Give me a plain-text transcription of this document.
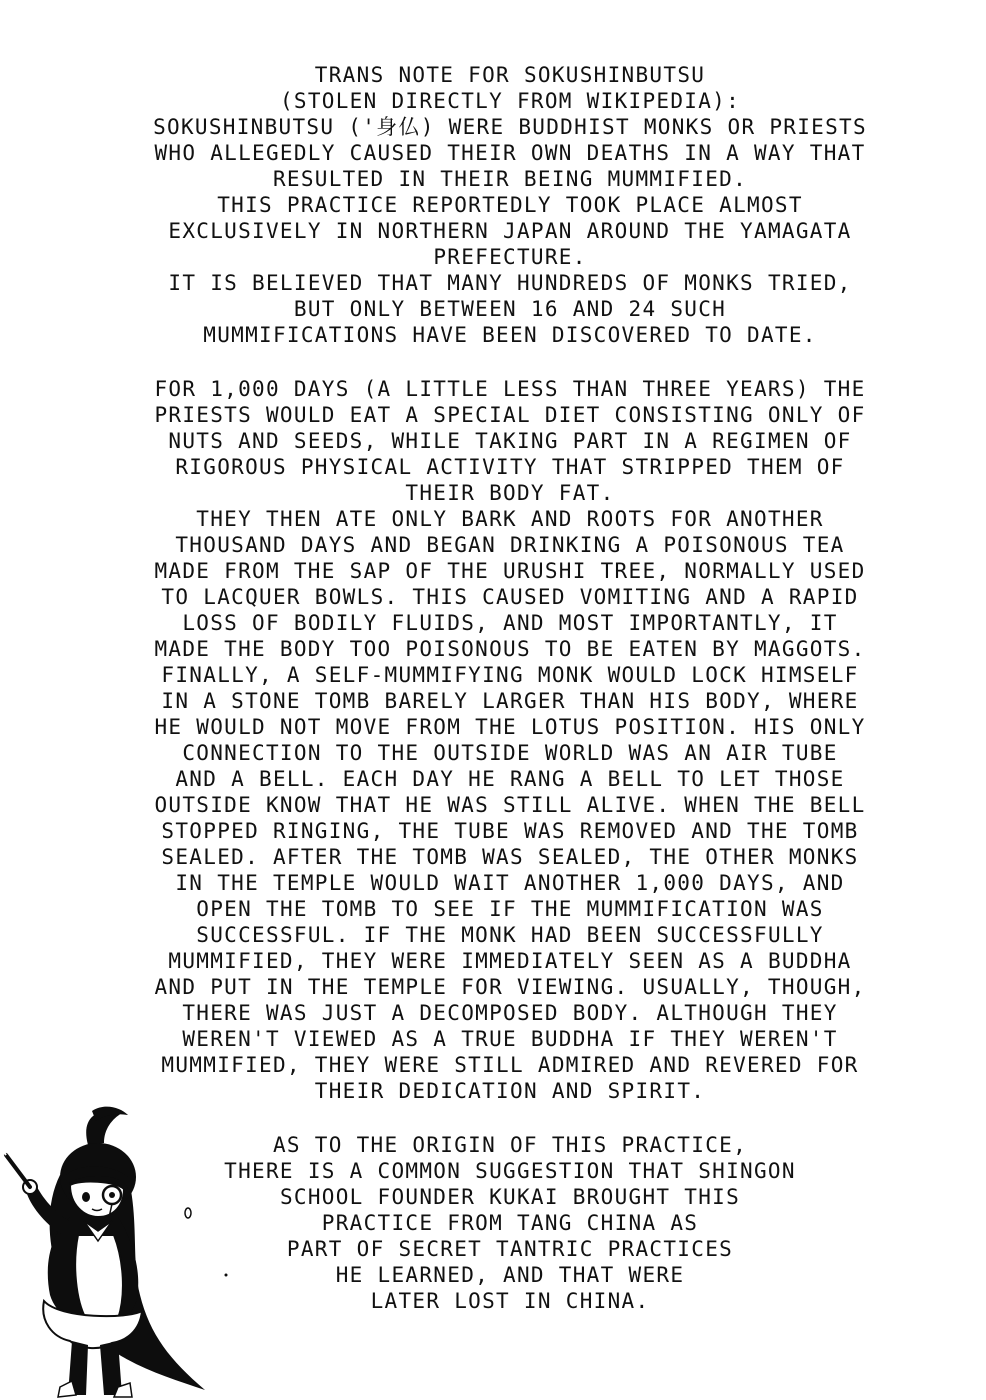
TRANS NOTE FOR SOKUSHINBUTSU
(STOLEN DIRECTLY FROM WIKIPEDIA):
SOKUSHINBUTSU ('身仏) WERE BUDDHIST MONKS OR PRIESTS
WHO ALLEGEDLY CAUSED THEIR OWN DEATHS IN A WAY THAT
RESULTED IN THEIR BEING MUMMIFIED.
THIS PRACTICE REPORTEDLY TOOK PLACE ALMOST
EXCLUSIVELY IN NORTHERN JAPAN AROUND THE YAMAGATA
PREFECTURE.
IT IS BELIEVED THAT MANY HUNDREDS OF MONKS TRIED,
BUT ONLY BETWEEN 16 AND 24 SUCH
MUMMIFICATIONS HAVE BEEN DISCOVERED TO DATE.
FOR 1,000 DAYS (A LITTLE LESS THAN THREE YEARS) THE
PRIESTS WOULD EAT A SPECIAL DIET CONSISTING ONLY OF
NUTS AND SEEDS, WHILE TAKING PART IN A REGIMEN OF
RIGOROUS PHYSICAL ACTIVITY THAT STRIPPED THEM OF
THEIR BODY FAT.
THEY THEN ATE ONLY BARK AND ROOTS FOR ANOTHER
THOUSAND DAYS AND BEGAN DRINKING A POISONOUS TEA
MADE FROM THE SAP OF THE URUSHI TREE, NORMALLY USED
TO LACQUER BOWLS. THIS CAUSED VOMITING AND A RAPID
LOSS OF BODILY FLUIDS, AND MOST IMPORTANTLY, IT
MADE THE BODY TOO POISONOUS TO BE EATEN BY MAGGOTS.
FINALLY, A SELF-MUMMIFYING MONK WOULD LOCK HIMSELF
IN A STONE TOMB BARELY LARGER THAN HIS BODY, WHERE
HE WOULD NOT MOVE FROM THE LOTUS POSITION. HIS ONLY
CONNECTION TO THE OUTSIDE WORLD WAS AN AIR TUBE
AND A BELL. EACH DAY HE RANG A BELL TO LET THOSE
OUTSIDE KNOW THAT HE WAS STILL ALIVE. WHEN THE BELL
STOPPED RINGING, THE TUBE WAS REMOVED AND THE TOMB
SEALED. AFTER THE TOMB WAS SEALED, THE OTHER MONKS
IN THE TEMPLE WOULD WAIT ANOTHER 1,000 DAYS, AND
OPEN THE TOMB TO SEE IF THE MUMMIFICATION WAS
SUCCESSFUL. IF THE MONK HAD BEEN SUCCESSFULLY
MUMMIFIED, THEY WERE IMMEDIATELY SEEN AS A BUDDHA
AND PUT IN THE TEMPLE FOR VIEWING. USUALLY, THOUGH,
THERE WAS JUST A DECOMPOSED BODY. ALTHOUGH THEY
WEREN'T VIEWED AS A TRUE BUDDHA IF THEY WEREN'T
MUMMIFIED, THEY WERE STILL ADMIRED AND REVERED FOR
THEIR DEDICATION AND SPIRIT.
AS TO THE ORIGIN OF THIS PRACTICE,
THERE IS A COMMON SUGGESTION THAT SHINGON
SCHOOL FOUNDER KUKAI BROUGHT THIS
PRACTICE FROM TANG CHINA AS
PART OF SECRET TANTRIC PRACTICES
HE LEARNED, AND THAT WERE
LATER LOST IN CHINA.
